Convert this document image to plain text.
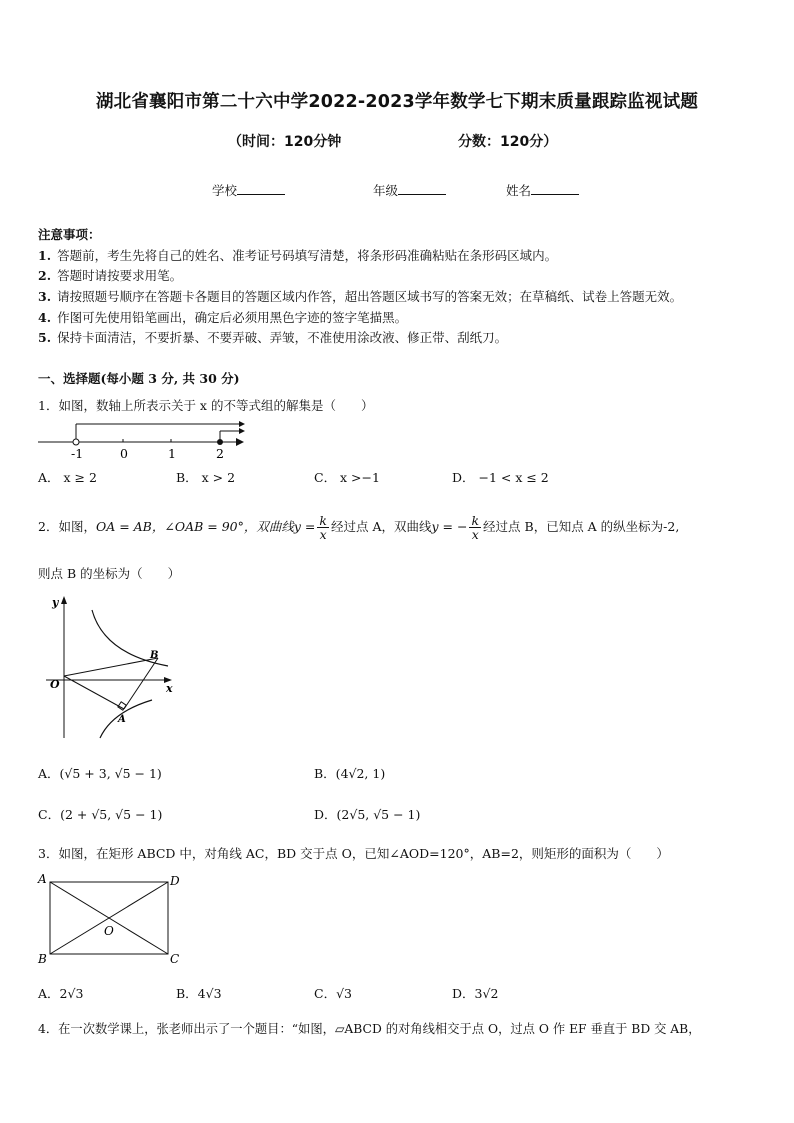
湖北省襄阳市第二十六中学2022-2023学年数学七下期末质量跟踪监视试题
（时间：120分钟	分数：120分）
学校	年级	姓名
注意事项：
1. 答题前，考生先将自己的姓名、准考证号码填写清楚，将条形码准确粘贴在条形码区域内。
2. 答题时请按要求用笔。
3. 请按照题号顺序在答题卡各题目的答题区域内作答，超出答题区域书写的答案无效；在草稿纸、试卷上答题无效。
4. 作图可先使用铅笔画出，确定后必须用黑色字迹的签字笔描黑。
5. 保持卡面清洁，不要折暴、不要弄破、弄皱，不准使用涂改液、修正带、刮纸刀。
一、选择题(每小题 3 分, 共 30 分)
1．如图，数轴上所表示关于 x 的不等式组的解集是（　　）
-1	0	1	2
A． x ≥ 2	B． x > 2	C． x >−1	D． −1 < x ≤ 2
2．如图，OA = AB，∠OAB = 90°，双曲线$y = \frac{k}{x}$ 经过点 A，双曲线y = − $\frac{k}{x}$ 经过点 B，已知点 A 的纵坐标为-2,
则点 B 的坐标为（　　）
y
x
O
A
B
A．(√5 + 3, √5 − 1)	B．(4√2, 1)
C．(2 + √5, √5 − 1)	D．(2√5, √5 − 1)
3．如图，在矩形 ABCD 中，对角线 AC，BD 交于点 O，已知∠AOD=120°，AB=2，则矩形的面积为（　　）
A
B	C
D
O
A．2√3	B．4√3	C．√3	D．3√2
4．在一次数学课上，张老师出示了一个题目：“如图，▱ABCD 的对角线相交于点 O，过点 O 作 EF 垂直于 BD 交 AB，
